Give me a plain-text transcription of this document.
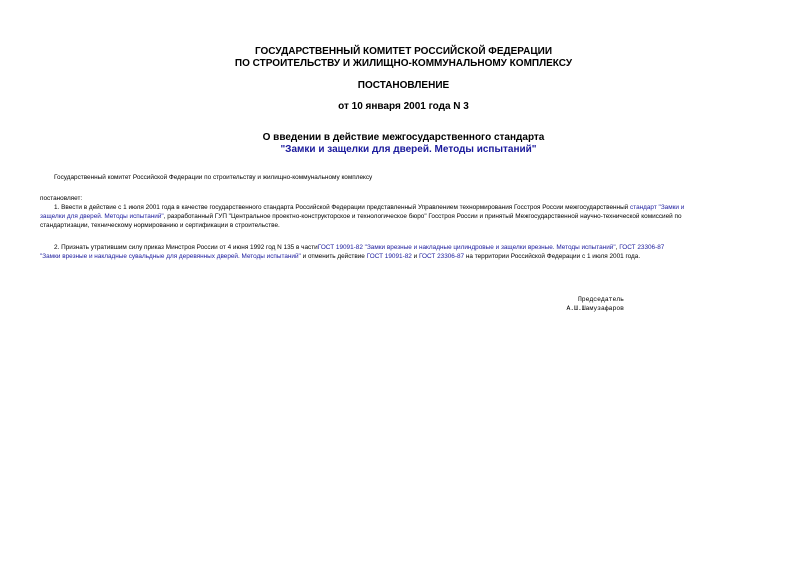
ГОСУДАРСТВЕННЫЙ КОМИТЕТ РОССИЙСКОЙ ФЕДЕРАЦИИ
ПО СТРОИТЕЛЬСТВУ И ЖИЛИЩНО-КОММУНАЛЬНОМУ КОМПЛЕКСУ
ПОСТАНОВЛЕНИЕ
от 10 января 2001 года N 3
О введении в действие межгосударственного стандарта
"Замки и защелки для дверей. Методы испытаний"
Государственный комитет Российской Федерации по строительству и жилищно-коммунальному комплексу
постановляет:
1. Ввести в действие с 1 июля 2001 года в качестве государственного стандарта Российской Федерации представленный Управлением технормирования Госстроя России межгосударственный стандарт "Замки и
защелки для дверей. Методы испытаний", разработанный ГУП "Центральное проектно-конструкторское и технологическое бюро" Госстроя России и принятый Межгосударственной научно-технической комиссией по
стандартизации, техническому нормированию и сертификации в строительстве.
2. Признать утратившим силу приказ Минстроя России от 4 июня 1992 год N 135 в частиГОСТ 19091-82 "Замки врезные и накладные цилиндровые и защелки врезные. Методы испытаний", ГОСТ 23306-87
"Замки врезные и накладные сувальдные для деревянных дверей. Методы испытаний" и отменить действие ГОСТ 19091-82 и ГОСТ 23306-87 на территории Российской Федерации с 1 июля 2001 года.
Председатель
А.Ш.Шамузафаров
